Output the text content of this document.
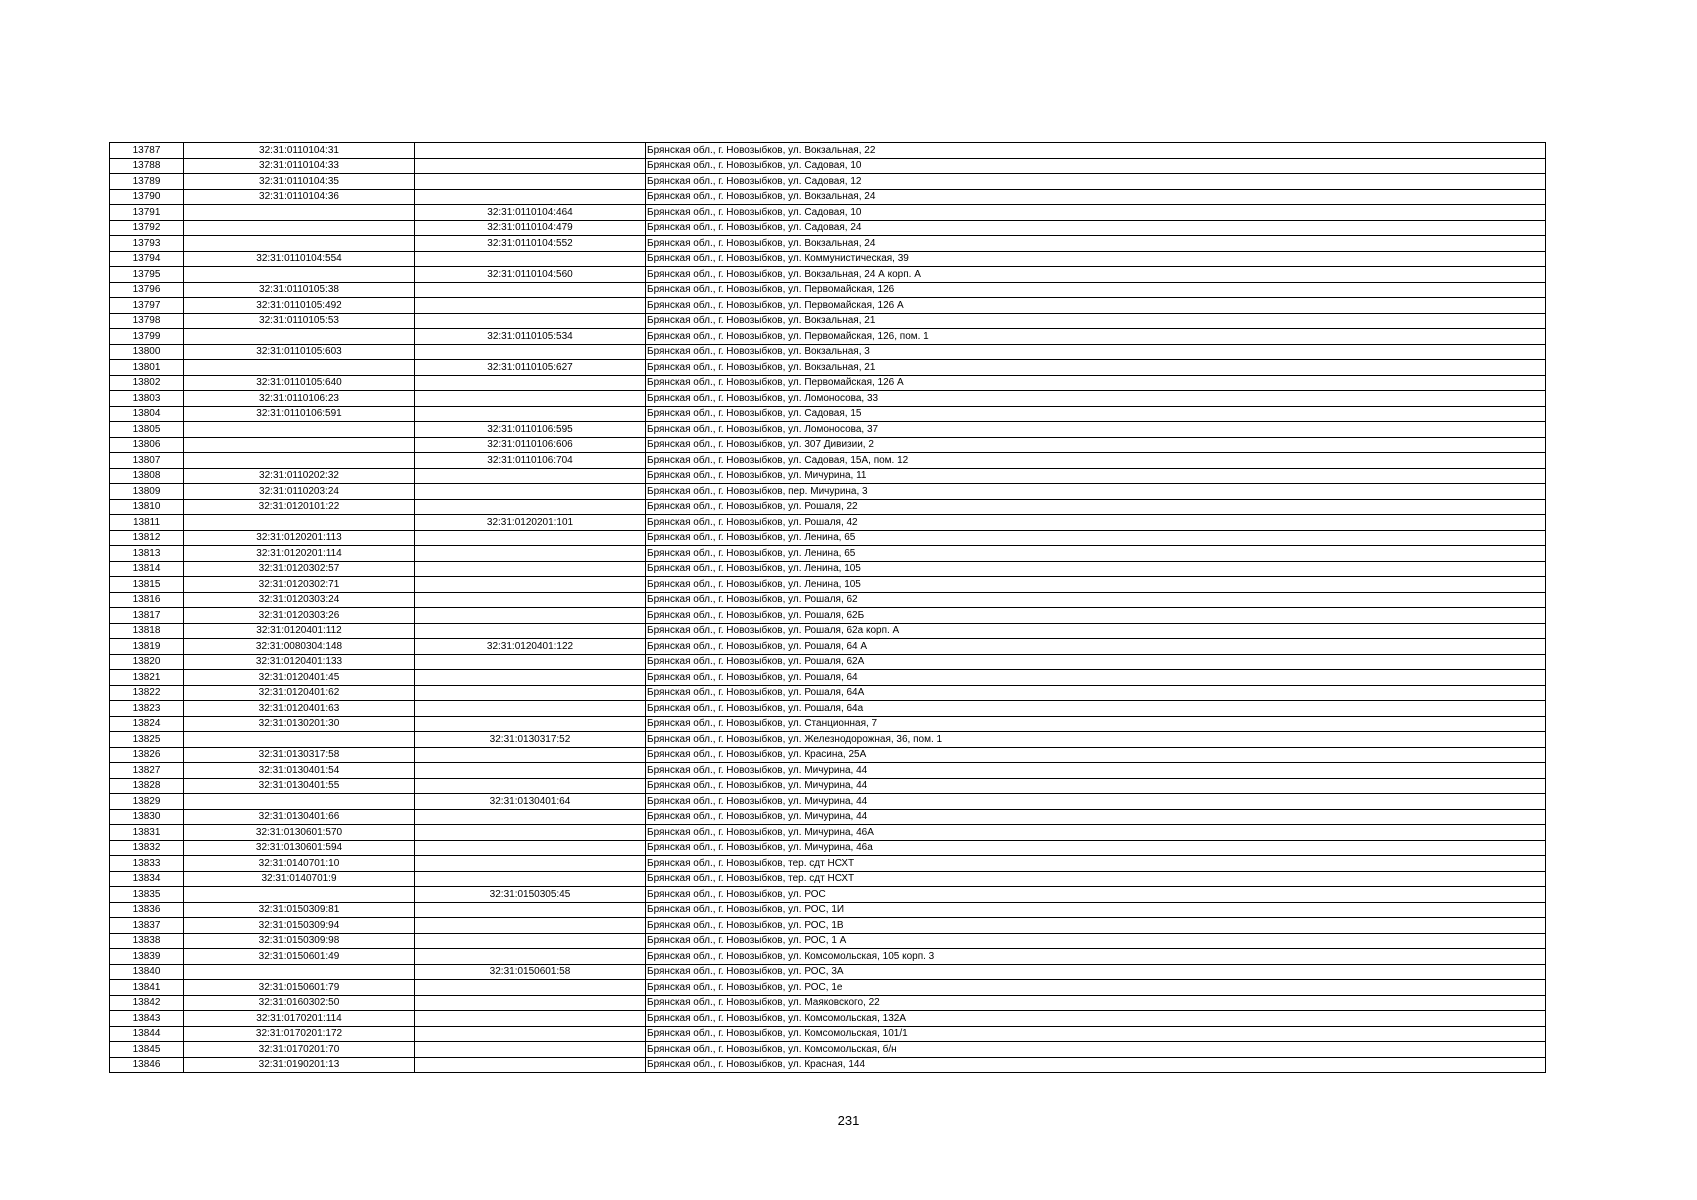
13787	32:31:0110104:31		Брянская обл., г. Новозыбков, ул. Вокзальная, 22
13788	32:31:0110104:33		Брянская обл., г. Новозыбков, ул. Садовая, 10
13789	32:31:0110104:35		Брянская обл., г. Новозыбков, ул. Садовая, 12
13790	32:31:0110104:36		Брянская обл., г. Новозыбков, ул. Вокзальная, 24
13791		32:31:0110104:464	Брянская обл., г. Новозыбков, ул. Садовая, 10
13792		32:31:0110104:479	Брянская обл., г. Новозыбков, ул. Садовая, 24
13793		32:31:0110104:552	Брянская обл., г. Новозыбков, ул. Вокзальная, 24
13794	32:31:0110104:554		Брянская обл., г. Новозыбков, ул. Коммунистическая, 39
13795		32:31:0110104:560	Брянская обл., г. Новозыбков, ул. Вокзальная, 24 А корп. А
13796	32:31:0110105:38		Брянская обл., г. Новозыбков, ул. Первомайская, 126
13797	32:31:0110105:492		Брянская обл., г. Новозыбков, ул. Первомайская, 126 А
13798	32:31:0110105:53		Брянская обл., г. Новозыбков, ул. Вокзальная, 21
13799		32:31:0110105:534	Брянская обл., г. Новозыбков, ул. Первомайская, 126, пом. 1
13800	32:31:0110105:603		Брянская обл., г. Новозыбков, ул. Вокзальная, 3
13801		32:31:0110105:627	Брянская обл., г. Новозыбков, ул. Вокзальная, 21
13802	32:31:0110105:640		Брянская обл., г. Новозыбков, ул. Первомайская, 126 А
13803	32:31:0110106:23		Брянская обл., г. Новозыбков, ул. Ломоносова, 33
13804	32:31:0110106:591		Брянская обл., г. Новозыбков, ул. Садовая, 15
13805		32:31:0110106:595	Брянская обл., г. Новозыбков, ул. Ломоносова, 37
13806		32:31:0110106:606	Брянская обл., г. Новозыбков, ул. 307 Дивизии, 2
13807		32:31:0110106:704	Брянская обл., г. Новозыбков, ул. Садовая, 15А, пом. 12
13808	32:31:0110202:32		Брянская обл., г. Новозыбков, ул. Мичурина, 11
13809	32:31:0110203:24		Брянская обл., г. Новозыбков, пер. Мичурина, 3
13810	32:31:0120101:22		Брянская обл., г. Новозыбков, ул. Рошаля, 22
13811		32:31:0120201:101	Брянская обл., г. Новозыбков, ул. Рошаля, 42
13812	32:31:0120201:113		Брянская обл., г. Новозыбков, ул. Ленина, 65
13813	32:31:0120201:114		Брянская обл., г. Новозыбков, ул. Ленина, 65
13814	32:31:0120302:57		Брянская обл., г. Новозыбков, ул. Ленина, 105
13815	32:31:0120302:71		Брянская обл., г. Новозыбков, ул. Ленина, 105
13816	32:31:0120303:24		Брянская обл., г. Новозыбков, ул. Рошаля, 62
13817	32:31:0120303:26		Брянская обл., г. Новозыбков, ул. Рошаля, 62Б
13818	32:31:0120401:112		Брянская обл., г. Новозыбков, ул. Рошаля, 62а корп. А
13819	32:31:0080304:148	32:31:0120401:122	Брянская обл., г. Новозыбков, ул. Рошаля, 64 А
13820	32:31:0120401:133		Брянская обл., г. Новозыбков, ул. Рошаля, 62А
13821	32:31:0120401:45		Брянская обл., г. Новозыбков, ул. Рошаля, 64
13822	32:31:0120401:62		Брянская обл., г. Новозыбков, ул. Рошаля, 64А
13823	32:31:0120401:63		Брянская обл., г. Новозыбков, ул. Рошаля, 64а
13824	32:31:0130201:30		Брянская обл., г. Новозыбков, ул. Станционная, 7
13825		32:31:0130317:52	Брянская обл., г. Новозыбков, ул. Железнодорожная, 36, пом. 1
13826	32:31:0130317:58		Брянская обл., г. Новозыбков, ул. Красина, 25А
13827	32:31:0130401:54		Брянская обл., г. Новозыбков, ул. Мичурина, 44
13828	32:31:0130401:55		Брянская обл., г. Новозыбков, ул. Мичурина, 44
13829		32:31:0130401:64	Брянская обл., г. Новозыбков, ул. Мичурина, 44
13830	32:31:0130401:66		Брянская обл., г. Новозыбков, ул. Мичурина, 44
13831	32:31:0130601:570		Брянская обл., г. Новозыбков, ул. Мичурина, 46А
13832	32:31:0130601:594		Брянская обл., г. Новозыбков, ул. Мичурина, 46а
13833	32:31:0140701:10		Брянская обл., г. Новозыбков, тер. сдт НСХТ
13834	32:31:0140701:9		Брянская обл., г. Новозыбков, тер. сдт НСХТ
13835		32:31:0150305:45	Брянская обл., г. Новозыбков, ул. РОС
13836	32:31:0150309:81		Брянская обл., г. Новозыбков, ул. РОС, 1И
13837	32:31:0150309:94		Брянская обл., г. Новозыбков, ул. РОС, 1В
13838	32:31:0150309:98		Брянская обл., г. Новозыбков, ул. РОС, 1 А
13839	32:31:0150601:49		Брянская обл., г. Новозыбков, ул. Комсомольская, 105 корп. 3
13840		32:31:0150601:58	Брянская обл., г. Новозыбков, ул. РОС, 3А
13841	32:31:0150601:79		Брянская обл., г. Новозыбков, ул. РОС, 1е
13842	32:31:0160302:50		Брянская обл., г. Новозыбков, ул. Маяковского, 22
13843	32:31:0170201:114		Брянская обл., г. Новозыбков, ул. Комсомольская, 132А
13844	32:31:0170201:172		Брянская обл., г. Новозыбков, ул. Комсомольская, 101/1
13845	32:31:0170201:70		Брянская обл., г. Новозыбков, ул. Комсомольская, б/н
13846	32:31:0190201:13		Брянская обл., г. Новозыбков, ул. Красная, 144
231
